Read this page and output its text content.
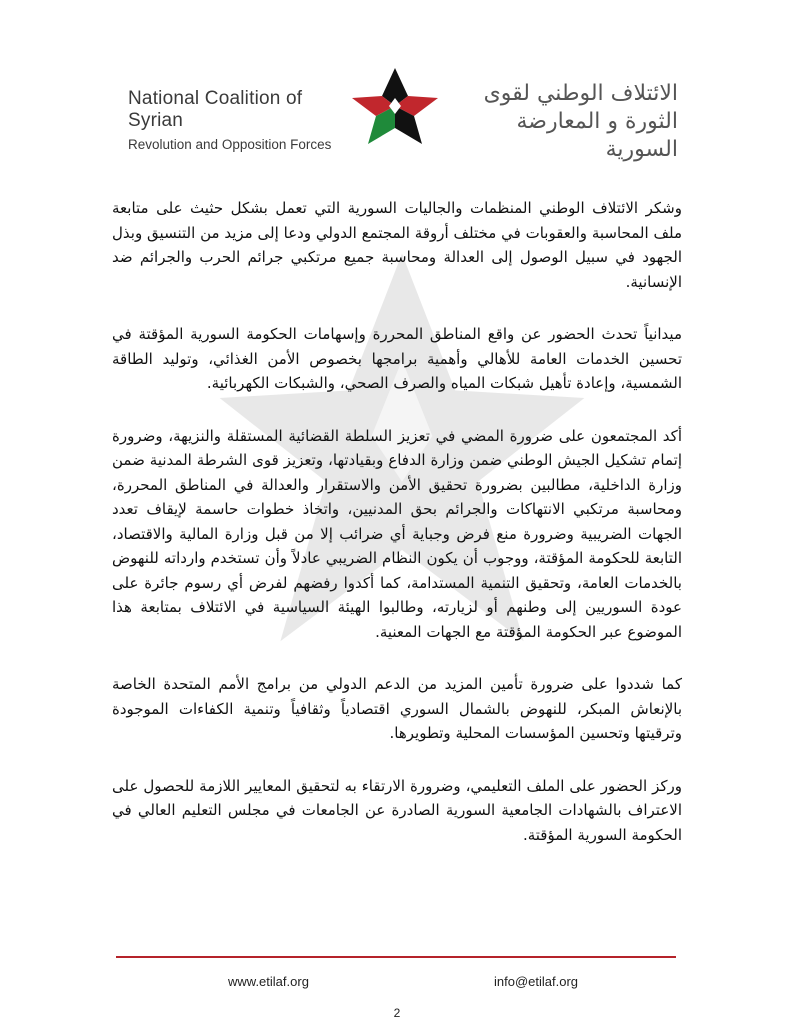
National Coalition of Syrian
Revolution and Opposition Forces
الائتلاف الوطني لقوى
الثورة و المعارضة السورية

وشكر الائتلاف الوطني المنظمات والجاليات السورية التي تعمل بشكل حثيث على متابعة ملف المحاسبة والعقوبات في مختلف أروقة المجتمع الدولي ودعا إلى مزيد من التنسيق وبذل الجهود في سبيل الوصول إلى العدالة ومحاسبة جميع مرتكبي جرائم الحرب والجرائم ضد الإنسانية.

ميدانياً تحدث الحضور عن واقع المناطق المحررة وإسهامات الحكومة السورية المؤقتة في تحسين الخدمات العامة للأهالي وأهمية برامجها بخصوص الأمن الغذائي، وتوليد الطاقة الشمسية، وإعادة تأهيل شبكات المياه والصرف الصحي، والشبكات الكهربائية.

أكد المجتمعون على ضرورة المضي في تعزيز السلطة القضائية المستقلة والنزيهة، وضرورة إتمام تشكيل الجيش الوطني ضمن وزارة الدفاع وبقيادتها، وتعزيز قوى الشرطة المدنية ضمن وزارة الداخلية، مطالبين بضرورة تحقيق الأمن والاستقرار والعدالة في المناطق المحررة، ومحاسبة مرتكبي الانتهاكات والجرائم بحق المدنيين، واتخاذ خطوات حاسمة لإيقاف تعدد الجهات الضريبية وضرورة منع فرض وجباية أي ضرائب إلا من قبل وزارة المالية والاقتصاد، التابعة للحكومة المؤقتة، ووجوب أن يكون النظام الضريبي عادلاً وأن تستخدم وارداته للنهوض بالخدمات العامة، وتحقيق التنمية المستدامة، كما أكدوا رفضهم لفرض أي رسوم جائرة على عودة السوريين إلى وطنهم أو لزيارته، وطالبوا الهيئة السياسية في الائتلاف بمتابعة هذا الموضوع عبر الحكومة المؤقتة مع الجهات المعنية.

كما شددوا على ضرورة تأمين المزيد من الدعم الدولي من برامج الأمم المتحدة الخاصة بالإنعاش المبكر، للنهوض بالشمال السوري اقتصادياً وثقافياً وتنمية الكفاءات الموجودة وترقيتها وتحسين المؤسسات المحلية وتطويرها.

وركز الحضور على الملف التعليمي، وضرورة الارتقاء به لتحقيق المعايير اللازمة للحصول على الاعتراف بالشهادات الجامعية السورية الصادرة عن الجامعات في مجلس التعليم العالي في الحكومة السورية المؤقتة.

www.etilaf.org	info@etilaf.org
2
